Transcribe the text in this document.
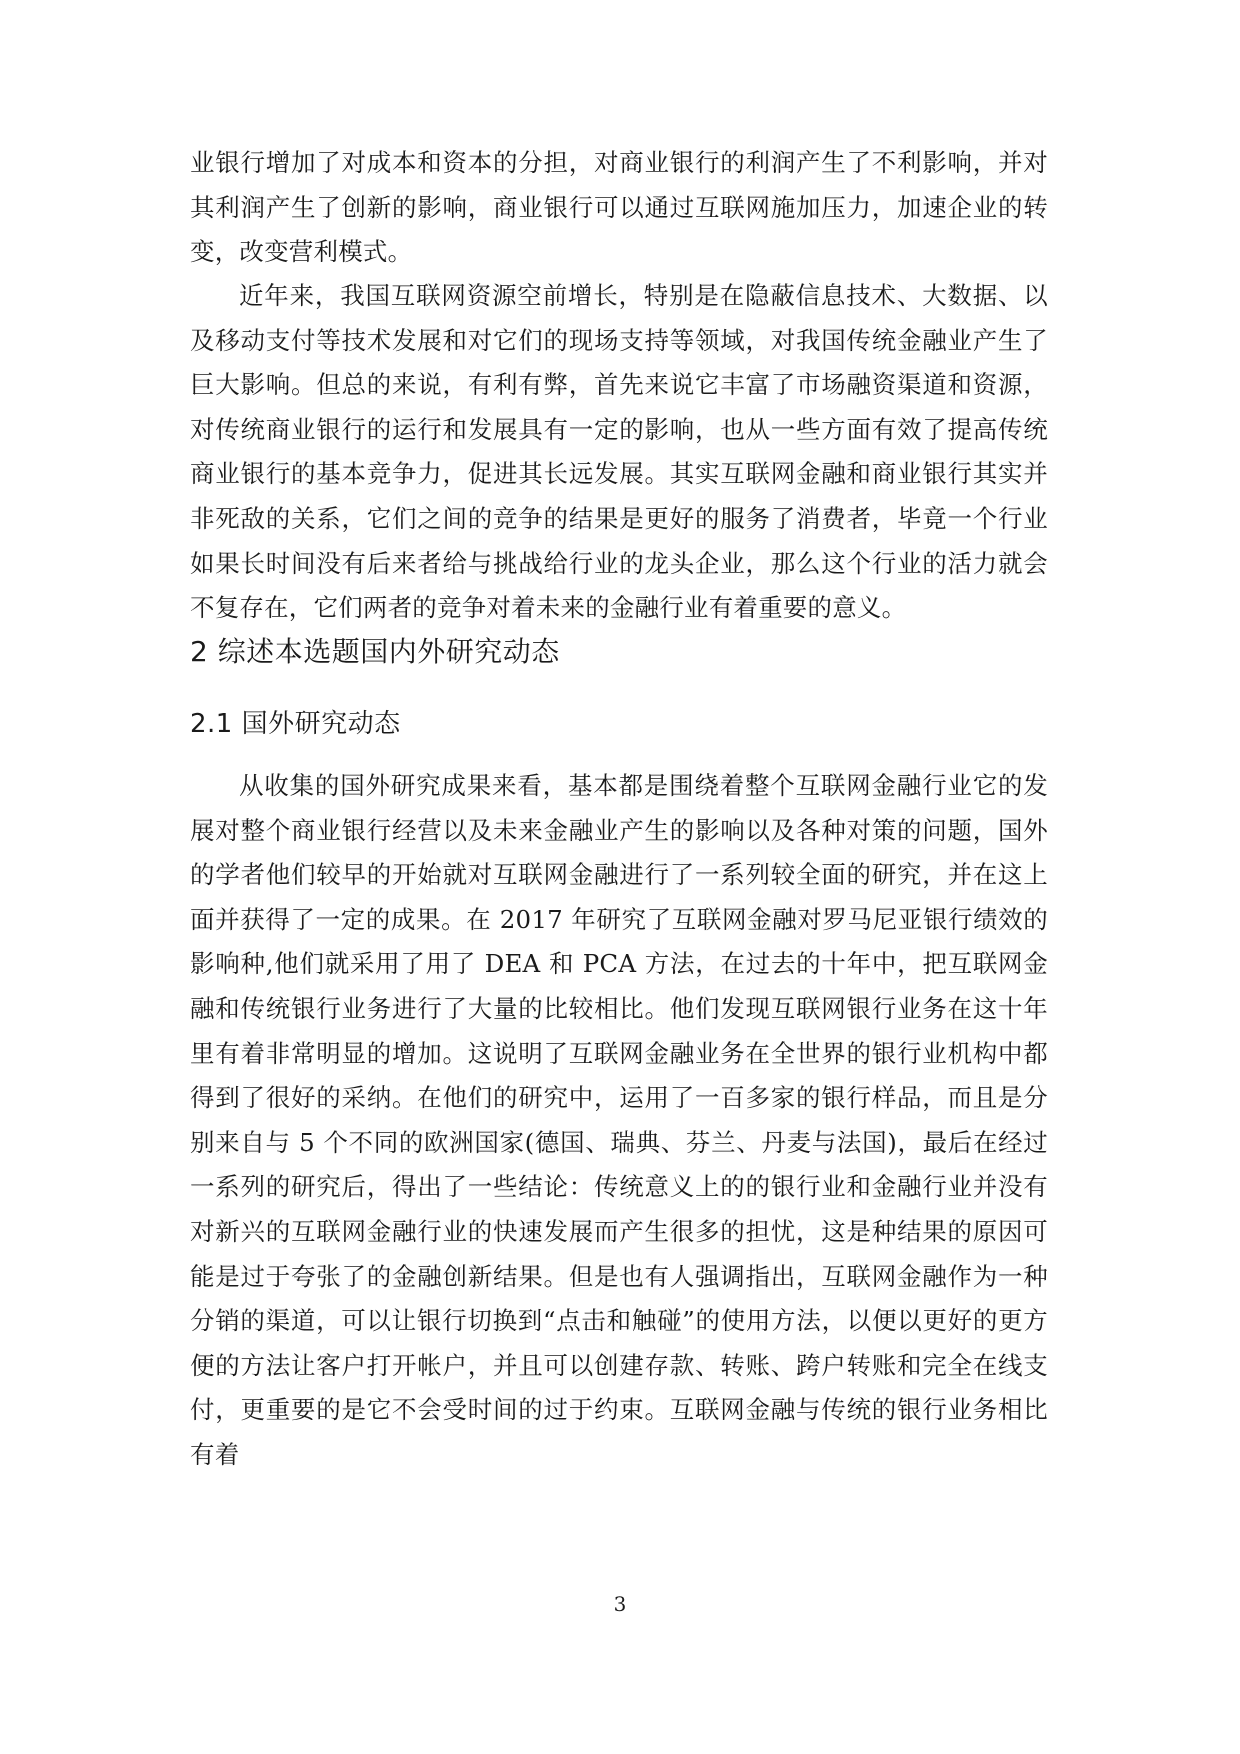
业银行增加了对成本和资本的分担，对商业银行的利润产生了不利影响，并对其利润产生了创新的影响，商业银行可以通过互联网施加压力，加速企业的转变，改变营利模式。

近年来，我国互联网资源空前增长，特别是在隐蔽信息技术、大数据、以及移动支付等技术发展和对它们的现场支持等领域，对我国传统金融业产生了巨大影响。但总的来说，有利有弊，首先来说它丰富了市场融资渠道和资源，对传统商业银行的运行和发展具有一定的影响，也从一些方面有效了提高传统商业银行的基本竞争力，促进其长远发展。其实互联网金融和商业银行其实并非死敌的关系，它们之间的竞争的结果是更好的服务了消费者，毕竟一个行业如果长时间没有后来者给与挑战给行业的龙头企业，那么这个行业的活力就会不复存在，它们两者的竞争对着未来的金融行业有着重要的意义。

2 综述本选题国内外研究动态
2.1 国外研究动态

从收集的国外研究成果来看，基本都是围绕着整个互联网金融行业它的发展对整个商业银行经营以及未来金融业产生的影响以及各种对策的问题，国外的学者他们较早的开始就对互联网金融进行了一系列较全面的研究，并在这上面并获得了一定的成果。在 2017 年研究了互联网金融对罗马尼亚银行绩效的影响种,他们就采用了用了 DEA 和 PCA 方法，在过去的十年中，把互联网金融和传统银行业务进行了大量的比较相比。他们发现互联网银行业务在这十年里有着非常明显的增加。这说明了互联网金融业务在全世界的银行业机构中都得到了很好的采纳。在他们的研究中，运用了一百多家的银行样品，而且是分别来自与 5 个不同的欧洲国家(德国、瑞典、芬兰、丹麦与法国)，最后在经过一系列的研究后，得出了一些结论：传统意义上的的银行业和金融行业并没有对新兴的互联网金融行业的快速发展而产生很多的担忧，这是种结果的原因可能是过于夸张了的金融创新结果。但是也有人强调指出，互联网金融作为一种分销的渠道，可以让银行切换到“点击和触碰”的使用方法，以便以更好的更方便的方法让客户打开帐户，并且可以创建存款、转账、跨户转账和完全在线支付，更重要的是它不会受时间的过于约束。互联网金融与传统的银行业务相比有着

3
